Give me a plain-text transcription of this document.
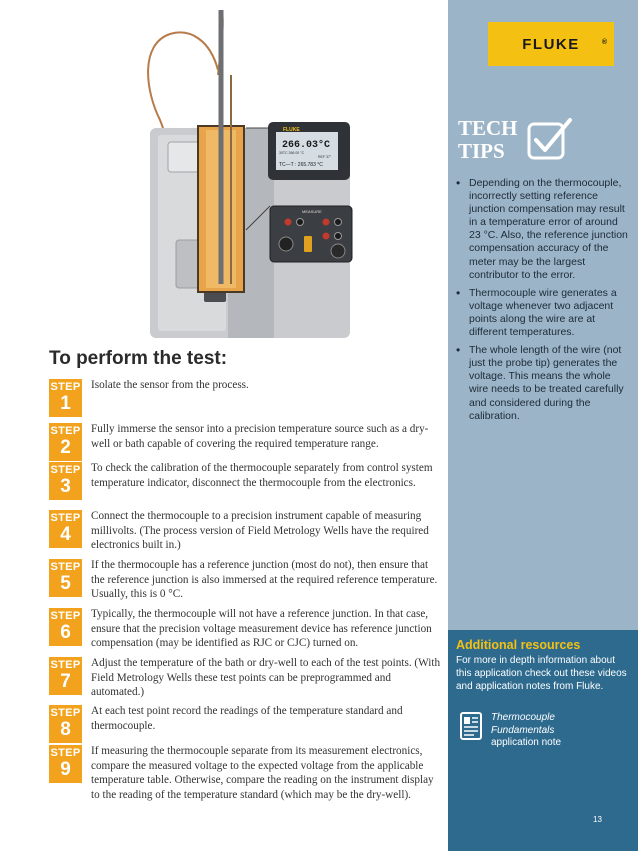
FLUKE
266.03°C
30TC 266.00 °C
REF 37°
TC—T : 265.783 °C
MEASURE
To perform the test:
STEP
1
Isolate the sensor from the process.
STEP
2
Fully immerse the sensor into a precision temperature source such as a dry-well or bath capable of covering the required temperature range.
STEP
3
To check the calibration of the thermocouple separately from control system temperature indicator, disconnect the thermocouple from the electronics.
STEP
4
Connect the thermocouple to a precision instrument capable of measuring millivolts. (The process version of Field Metrology Wells have the required electronics built in.)
STEP
5
If the thermocouple has a reference junction (most do not), then ensure that the reference junction is also immersed at the required reference temperature. Usually, this is 0 °C.
STEP
6
Typically, the thermocouple will not have a reference junction. In that case, ensure that the precision voltage measurement device has reference junction compensation (may be identified as RJC or CJC) turned on.
STEP
7
Adjust the temperature of the bath or dry-well to each of the test points. (With Field Metrology Wells these test points can be preprogrammed and automated.)
STEP
8
At each test point record the readings of the temperature standard and thermocouple.
STEP
9
If measuring the thermocouple separate from its measurement electronics, compare the measured voltage to the expected voltage from the applicable temperature table. Otherwise, compare the reading on the instrument display to the reading of the temperature standard (which may be the dry-well).
FLUKE	®
TECH
TIPS
• Depending on the thermocouple, incorrectly setting reference junction compensation may result in a temperature error of around 23 °C. Also, the reference junction compensation accuracy of the meter may be the largest contributor to the error.
• Thermocouple wire generates a voltage whenever two adjacent points along the wire are at different temperatures.
• The whole length of the wire (not just the probe tip) generates the voltage. This means the whole wire needs to be treated carefully and considered during the calibration.
Additional resources
For more in depth information about this application check out these videos and application notes from Fluke.
Thermocouple Fundamentals
application note
13
